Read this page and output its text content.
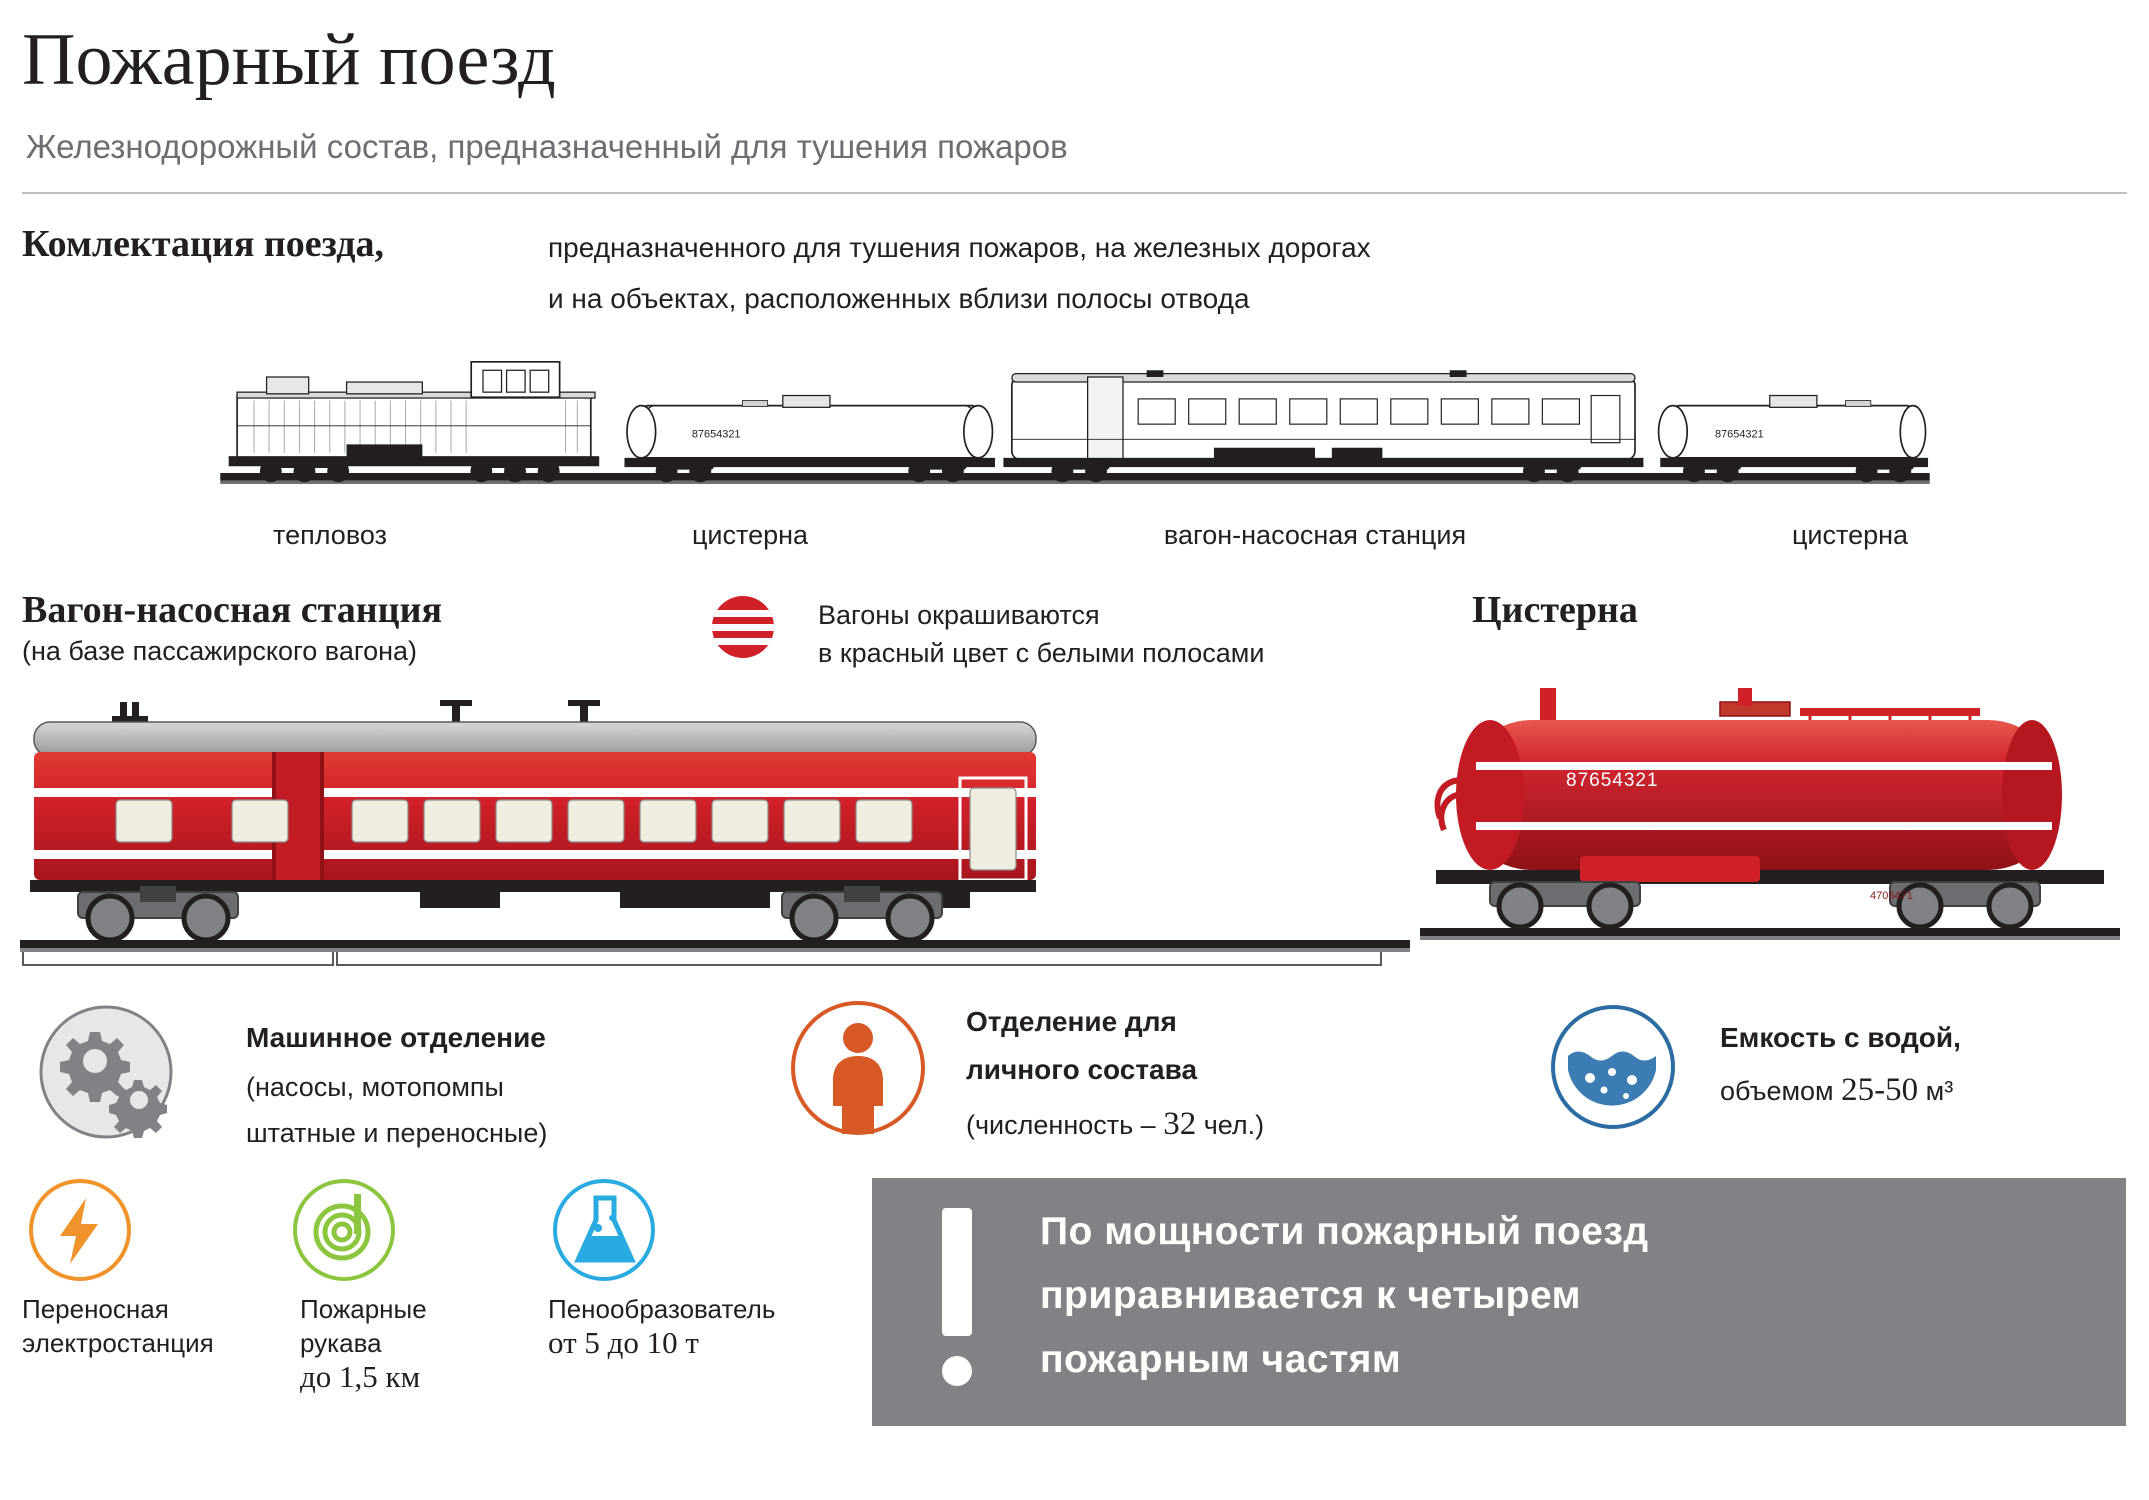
Пожарный поезд
Железнодорожный состав, предназначенный для тушения пожаров
Комлектация поезда,	предназначенного для тушения пожаров, на железных дорогах
и на объектах, расположенных вблизи полосы отвода
87654321	87654321
тепловоз	цистерна	вагон-насосная станция	цистерна
Вагон-насосная станция
(на базе пассажирского вагона)
Вагоны окрашиваются
в красный цвет с белыми полосами
Цистерна
87654321
4706471
Машинное отделение
(насосы, мотопомпы
штатные и переносные)
Отделение для
личного состава
(численность – 32 чел.)
Емкость с водой,
объемом 25-50 м³
Переносная
электростанция
Пожарные
рукава
до 1,5 км
Пенообразователь
от 5 до 10 т
По мощности пожарный поезд
приравнивается к четырем
пожарным частям
